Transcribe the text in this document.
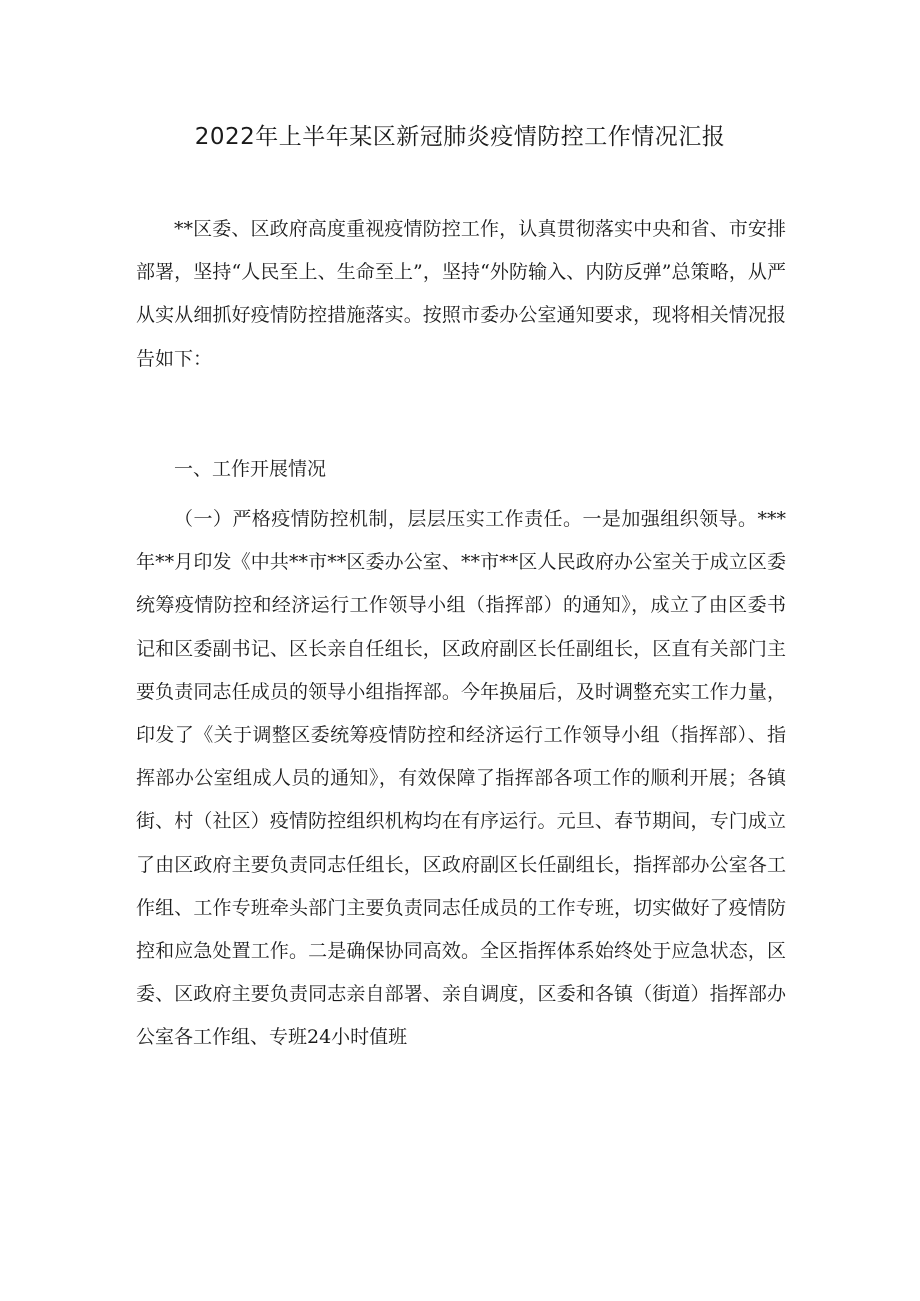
2022年上半年某区新冠肺炎疫情防控工作情况汇报

**区委、区政府高度重视疫情防控工作，认真贯彻落实中央和省、市安排部署，坚持“人民至上、生命至上”，坚持“外防输入、内防反弹”总策略，从严从实从细抓好疫情防控措施落实。按照市委办公室通知要求，现将相关情况报告如下：

一、工作开展情况

（一）严格疫情防控机制，层层压实工作责任。一是加强组织领导。***年**月印发《中共**市**区委办公室、**市**区人民政府办公室关于成立区委统筹疫情防控和经济运行工作领导小组（指挥部）的通知》，成立了由区委书记和区委副书记、区长亲自任组长，区政府副区长任副组长，区直有关部门主要负责同志任成员的领导小组指挥部。今年换届后，及时调整充实工作力量，印发了《关于调整区委统筹疫情防控和经济运行工作领导小组（指挥部）、指挥部办公室组成人员的通知》，有效保障了指挥部各项工作的顺利开展；各镇街、村（社区）疫情防控组织机构均在有序运行。元旦、春节期间，专门成立了由区政府主要负责同志任组长，区政府副区长任副组长，指挥部办公室各工作组、工作专班牵头部门主要负责同志任成员的工作专班，切实做好了疫情防控和应急处置工作。二是确保协同高效。全区指挥体系始终处于应急状态，区委、区政府主要负责同志亲自部署、亲自调度，区委和各镇（街道）指挥部办公室各工作组、专班24小时值班
